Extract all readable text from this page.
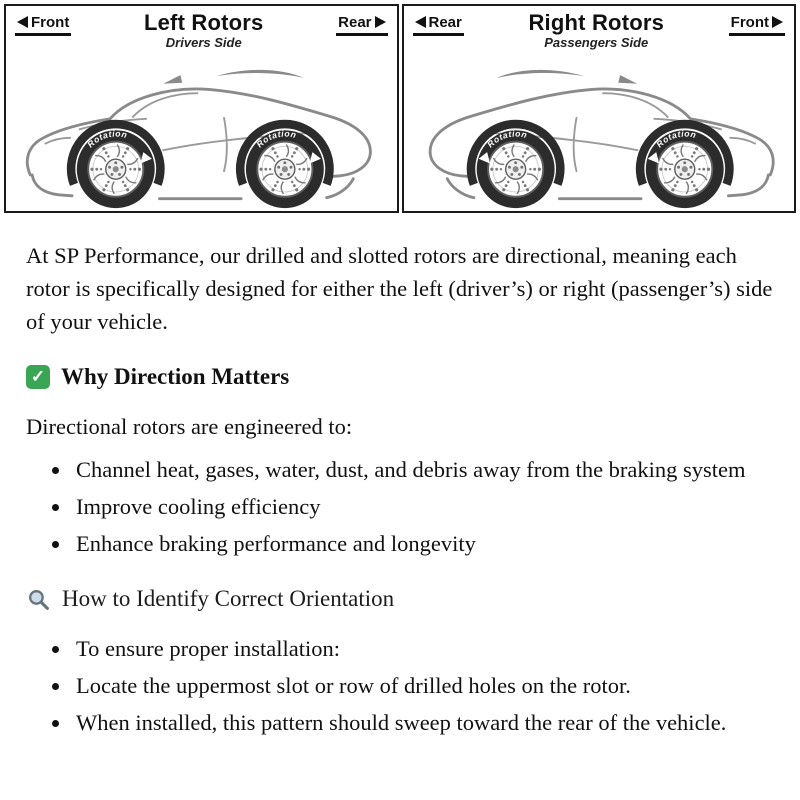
Front	Left Rotors
Drivers Side
Rear
Rotation
Rotation
Rear	Right Rotors
Passengers Side
Front
Rotation
Rotation

At SP Performance, our drilled and slotted rotors are directional, meaning each rotor is specifically designed for either the left (driver’s) or right (passenger’s) side of your vehicle.

✓ Why Direction Matters

Directional rotors are engineered to:

• Channel heat, gases, water, dust, and debris away from the braking system
• Improve cooling efficiency
• Enhance braking performance and longevity
How to Identify Correct Orientation
• To ensure proper installation:
• Locate the uppermost slot or row of drilled holes on the rotor.
• When installed, this pattern should sweep toward the rear of the vehicle.
